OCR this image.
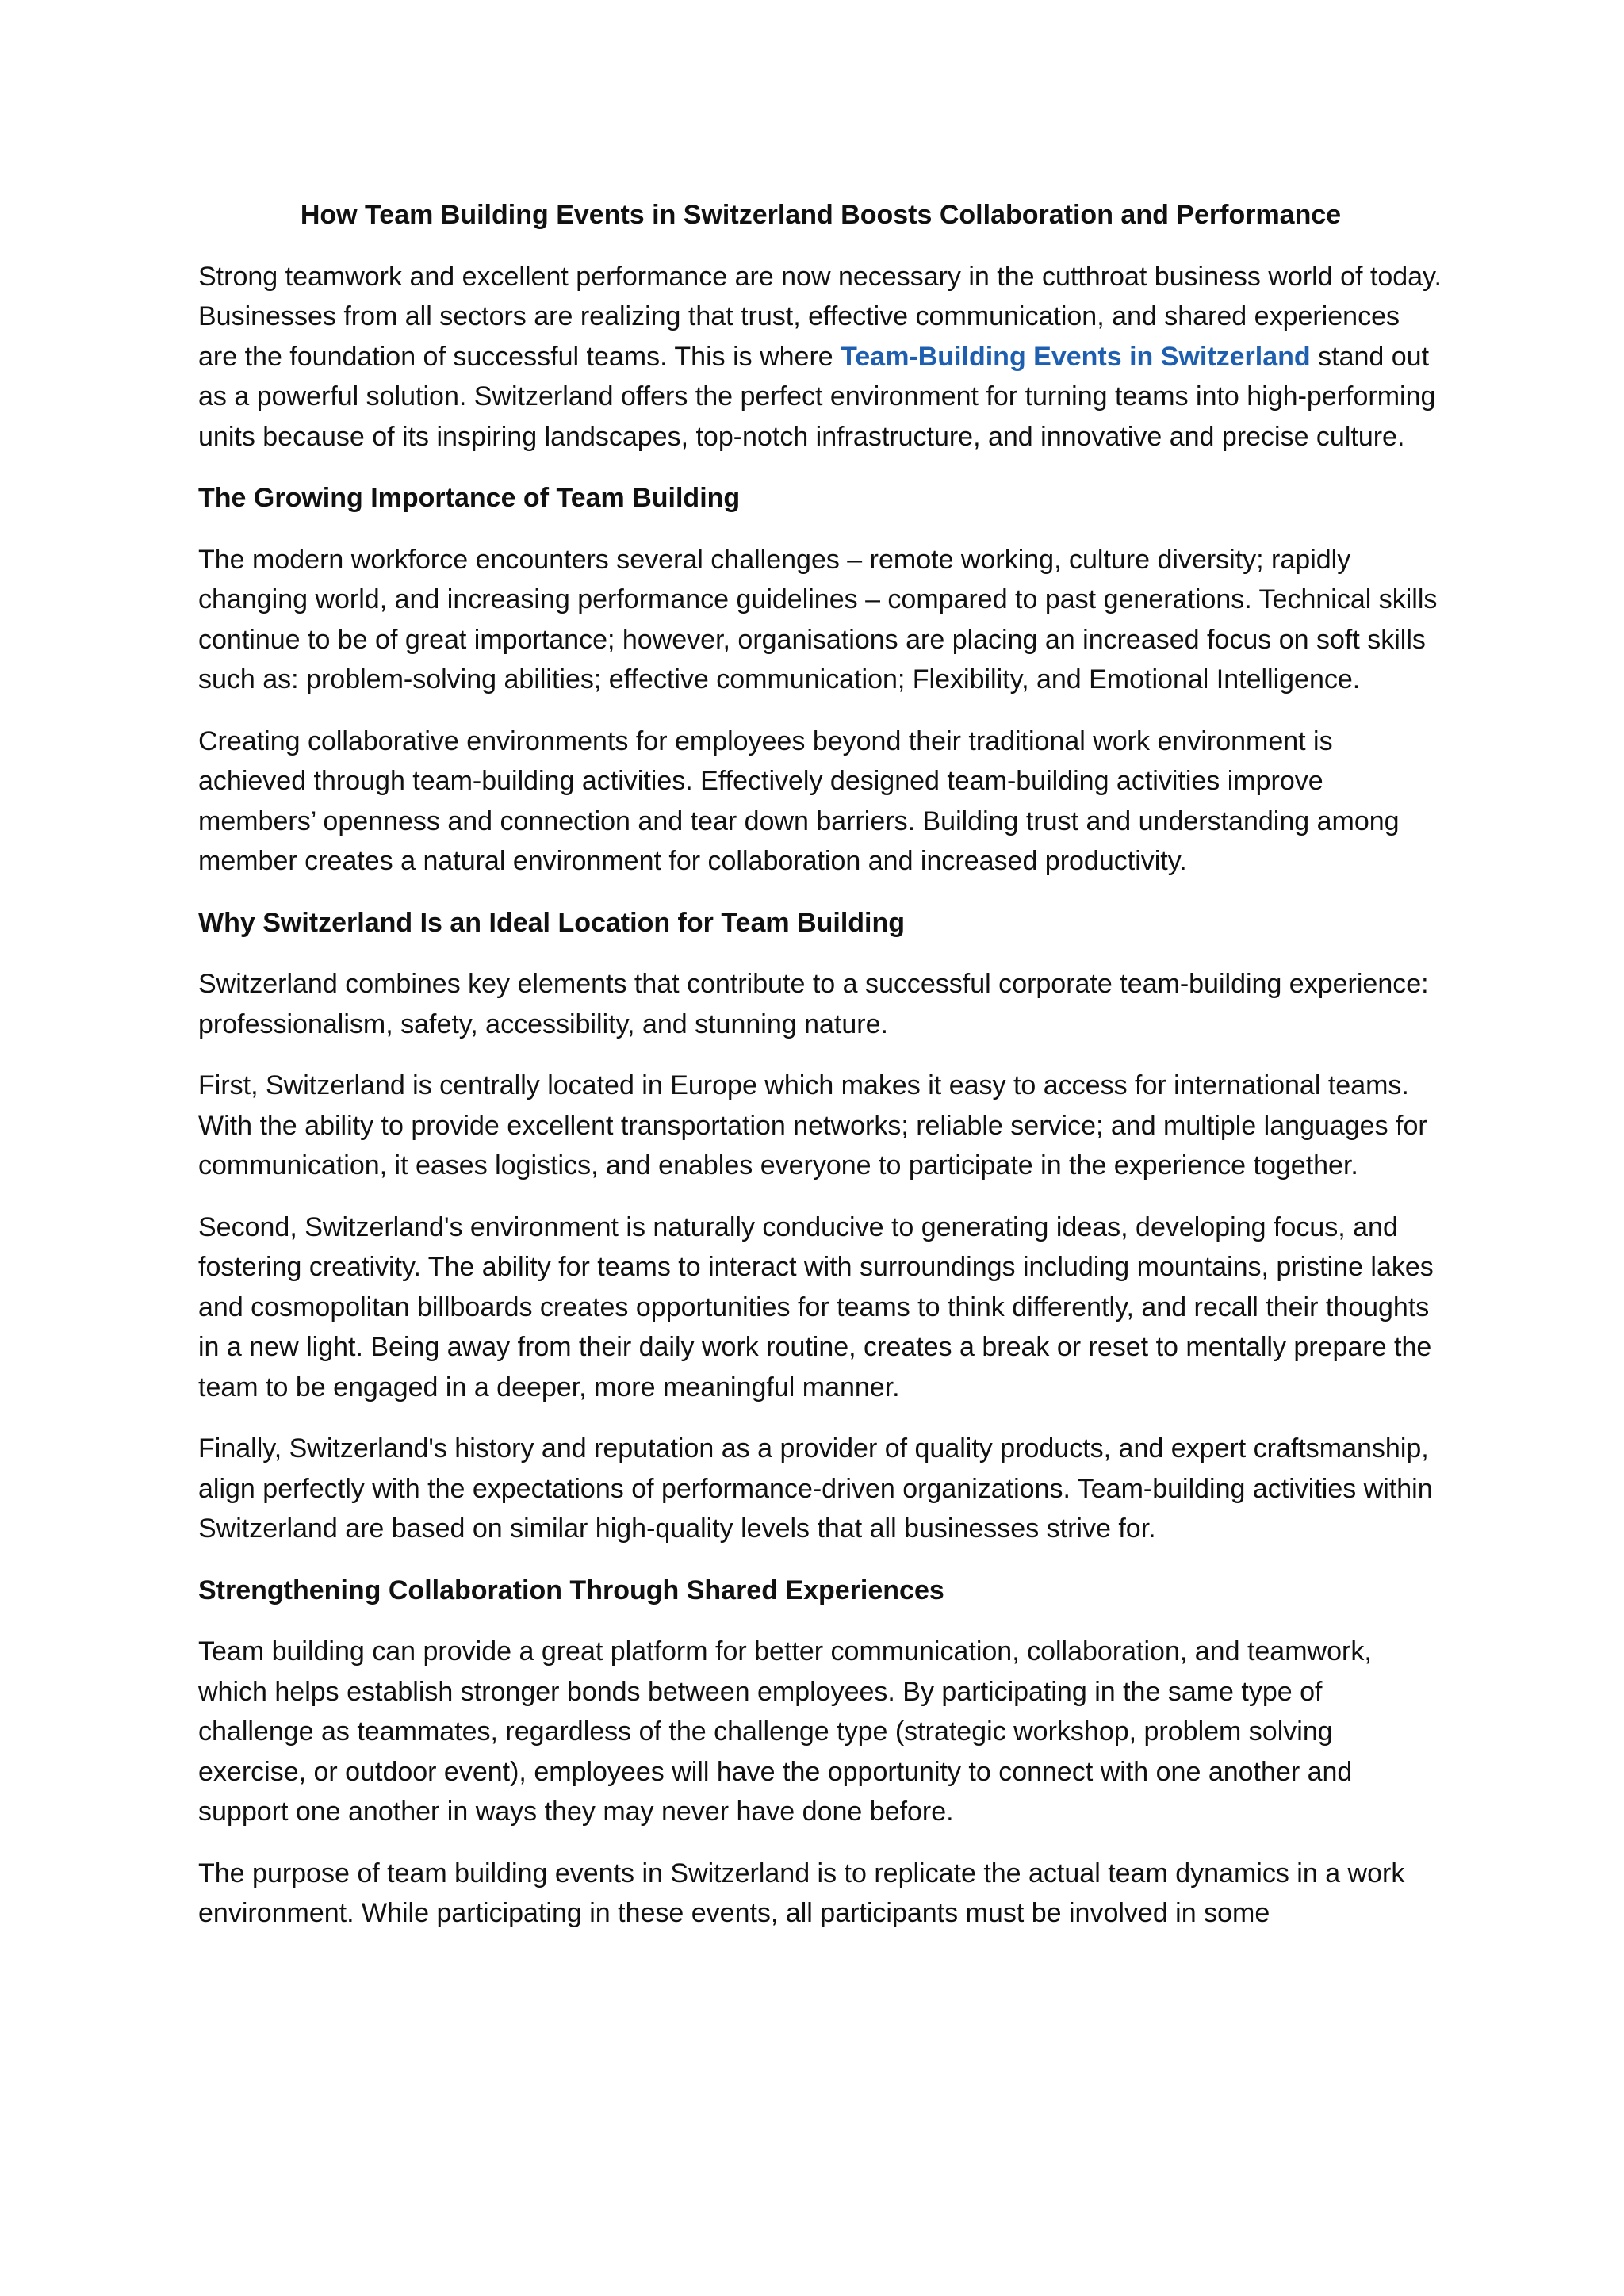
How Team Building Events in Switzerland Boosts Collaboration and Performance

Strong teamwork and excellent performance are now necessary in the cutthroat business world of today. Businesses from all sectors are realizing that trust, effective communication, and shared experiences are the foundation of successful teams. This is where Team-Building Events in Switzerland stand out as a powerful solution. Switzerland offers the perfect environment for turning teams into high-performing units because of its inspiring landscapes, top-notch infrastructure, and innovative and precise culture.

The Growing Importance of Team Building

The modern workforce encounters several challenges – remote working, culture diversity; rapidly changing world, and increasing performance guidelines – compared to past generations. Technical skills continue to be of great importance; however, organisations are placing an increased focus on soft skills such as: problem-solving abilities; effective communication; Flexibility, and Emotional Intelligence.

Creating collaborative environments for employees beyond their traditional work environment is achieved through team-building activities. Effectively designed team-building activities improve members’ openness and connection and tear down barriers. Building trust and understanding among member creates a natural environment for collaboration and increased productivity.

Why Switzerland Is an Ideal Location for Team Building

Switzerland combines key elements that contribute to a successful corporate team-building experience: professionalism, safety, accessibility, and stunning nature.

First, Switzerland is centrally located in Europe which makes it easy to access for international teams. With the ability to provide excellent transportation networks; reliable service; and multiple languages for communication, it eases logistics, and enables everyone to participate in the experience together.

Second, Switzerland's environment is naturally conducive to generating ideas, developing focus, and fostering creativity. The ability for teams to interact with surroundings including mountains, pristine lakes and cosmopolitan billboards creates opportunities for teams to think differently, and recall their thoughts in a new light. Being away from their daily work routine, creates a break or reset to mentally prepare the team to be engaged in a deeper, more meaningful manner.

Finally, Switzerland's history and reputation as a provider of quality products, and expert craftsmanship, align perfectly with the expectations of performance-driven organizations. Team-building activities within Switzerland are based on similar high-quality levels that all businesses strive for.

Strengthening Collaboration Through Shared Experiences

Team building can provide a great platform for better communication, collaboration, and teamwork, which helps establish stronger bonds between employees. By participating in the same type of challenge as teammates, regardless of the challenge type (strategic workshop, problem solving exercise, or outdoor event), employees will have the opportunity to connect with one another and support one another in ways they may never have done before.

The purpose of team building events in Switzerland is to replicate the actual team dynamics in a work environment. While participating in these events, all participants must be involved in some
